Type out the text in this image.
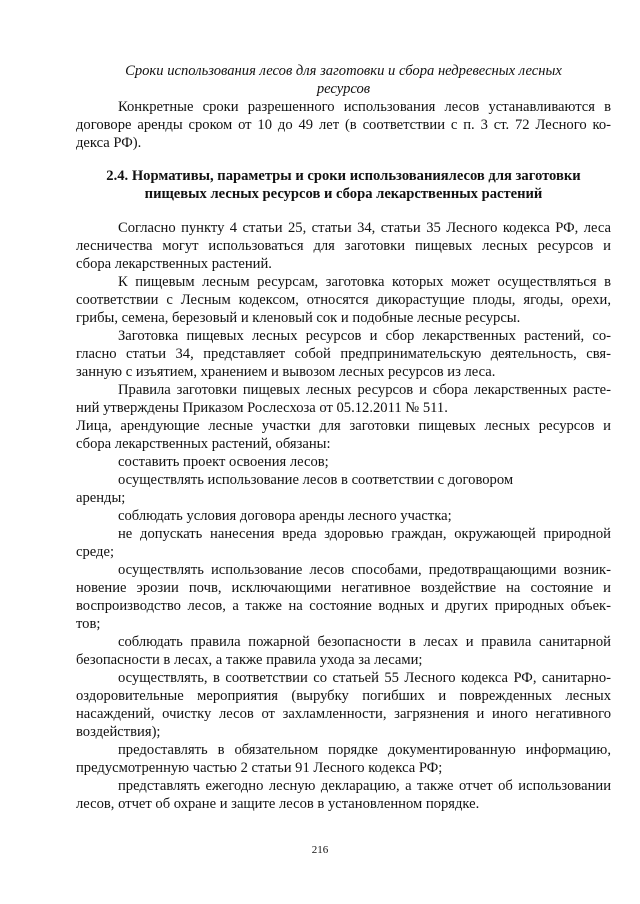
Сроки использования лесов для заготовки и сбора недревесных лесных
ресурсов
Конкретные сроки разрешенного использования лесов устанавливаются в
договоре аренды сроком от 10 до 49 лет (в соответствии с п. 3 ст. 72 Лесного ко-
декса РФ).
2.4. Нормативы, параметры и сроки использованиялесов для заготовки
пищевых лесных ресурсов и сбора лекарственных растений
Согласно пункту 4 статьи 25, статьи 34, статьи 35 Лесного кодекса РФ, леса
лесничества могут использоваться для заготовки пищевых лесных ресурсов и
сбора лекарственных растений.
К пищевым лесным ресурсам, заготовка которых может осуществляться в
соответствии с Лесным кодексом, относятся дикорастущие плоды, ягоды, орехи,
грибы, семена, березовый и кленовый сок и подобные лесные ресурсы.
Заготовка пищевых лесных ресурсов и сбор лекарственных растений, со-
гласно статьи 34, представляет собой предпринимательскую деятельность, свя-
занную с изъятием, хранением и вывозом лесных ресурсов из леса.
Правила заготовки пищевых лесных ресурсов и сбора лекарственных расте-
ний утверждены Приказом Рослесхоза от 05.12.2011 № 511.
Лица, арендующие лесные участки для заготовки пищевых лесных ресурсов и
сбора лекарственных растений, обязаны:
составить проект освоения лесов;
осуществлять использование лесов в соответствии с договором
аренды;
соблюдать условия договора аренды лесного участка;
не допускать нанесения вреда здоровью граждан, окружающей природной
среде;
осуществлять использование лесов способами, предотвращающими возник-
новение эрозии почв, исключающими негативное воздействие на состояние и
воспроизводство лесов, а также на состояние водных и других природных объек-
тов;
соблюдать правила пожарной безопасности в лесах и правила санитарной
безопасности в лесах, а также правила ухода за лесами;
осуществлять, в соответствии со статьей 55 Лесного кодекса РФ, санитарно-
оздоровительные мероприятия (вырубку погибших и поврежденных лесных
насаждений, очистку лесов от захламленности, загрязнения и иного негативного
воздействия);
предоставлять в обязательном порядке документированную информацию,
предусмотренную частью 2 статьи 91 Лесного кодекса РФ;
представлять ежегодно лесную декларацию, а также отчет об использовании
лесов, отчет об охране и защите лесов в установленном порядке.
216
